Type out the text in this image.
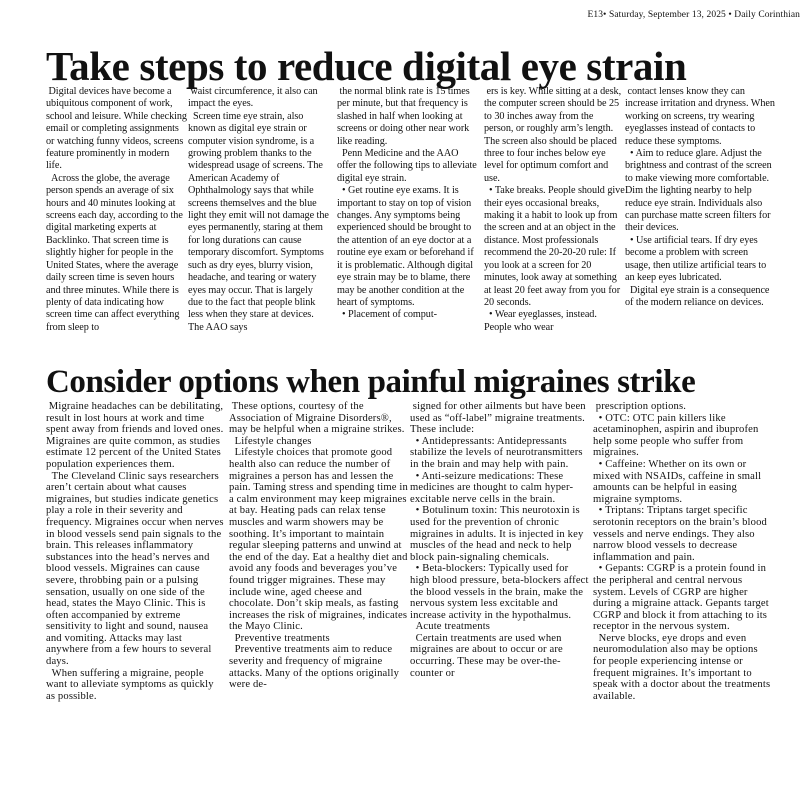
E13• Saturday, September 13, 2025 • Daily Corinthian
Take steps to reduce digital eye strain

Digital devices have become a ubiquitous component of work, school and leisure. While checking email or completing assignments or watching funny videos, screens feature prominently in modern life.
Across the globe, the average person spends an average of six hours and 40 minutes looking at screens each day, according to the digital marketing experts at Backlinko. That screen time is slightly higher for people in the United States, where the average daily screen time is seven hours and three minutes. While there is plenty of data indicating how screen time can affect everything from sleep to

waist circumference, it also can impact the eyes.
Screen time eye strain, also known as digital eye strain or computer vision syndrome, is a growing problem thanks to the widespread usage of screens. The American Academy of Ophthalmology says that while screens themselves and the blue light they emit will not damage the eyes permanently, staring at them for long durations can cause temporary discomfort. Symptoms such as dry eyes, blurry vision, headache, and tearing or watery eyes may occur. That is largely due to the fact that people blink less when they stare at devices. The AAO says

the normal blink rate is 15 times per minute, but that frequency is slashed in half when looking at screens or doing other near work like reading.
Penn Medicine and the AAO offer the following tips to alleviate digital eye strain.
• Get routine eye exams. It is important to stay on top of vision changes. Any symptoms being experienced should be brought to the attention of an eye doctor at a routine eye exam or beforehand if it is problematic. Although digital eye strain may be to blame, there may be another condition at the heart of symptoms.
• Placement of comput-

ers is key. While sitting at a desk, the computer screen should be 25 to 30 inches away from the person, or roughly arm’s length. The screen also should be placed three to four inches below eye level for optimum comfort and use.
• Take breaks. People should give their eyes occasional breaks, making it a habit to look up from the screen and at an object in the distance. Most professionals recommend the 20-20-20 rule: If you look at a screen for 20 minutes, look away at something at least 20 feet away from you for 20 seconds.
• Wear eyeglasses, instead. People who wear

contact lenses know they can increase irritation and dryness. When working on screens, try wearing eyeglasses instead of contacts to reduce these symptoms.
• Aim to reduce glare. Adjust the brightness and contrast of the screen to make viewing more comfortable. Dim the lighting nearby to help reduce eye strain. Individuals also can purchase matte screen filters for their devices.
• Use artificial tears. If dry eyes become a problem with screen usage, then utilize artificial tears to an keep eyes lubricated.
Digital eye strain is a consequence of the modern reliance on devices.

Consider options when painful migraines strike

Migraine headaches can be debilitating, result in lost hours at work and time spent away from friends and loved ones. Migraines are quite common, as studies estimate 12 percent of the United States population experiences them.
The Cleveland Clinic says researchers aren’t certain about what causes migraines, but studies indicate genetics play a role in their severity and frequency. Migraines occur when nerves in blood vessels send pain signals to the brain. This releases inflammatory substances into the head’s nerves and blood vessels. Migraines can cause severe, throbbing pain or a pulsing sensation, usually on one side of the head, states the Mayo Clinic. This is often accompanied by extreme sensitivity to light and sound, nausea and vomiting. Attacks may last anywhere from a few hours to several days.
When suffering a migraine, people want to alleviate symptoms as quickly as possible.

These options, courtesy of the Association of Migraine Disorders®, may be helpful when a migraine strikes.
Lifestyle changes
Lifestyle choices that promote good health also can reduce the number of migraines a person has and lessen the pain. Taming stress and spending time in a calm environment may keep migraines at bay. Heating pads can relax tense muscles and warm showers may be soothing. It’s important to maintain regular sleeping patterns and unwind at the end of the day. Eat a healthy diet and avoid any foods and beverages you’ve found trigger migraines. These may include wine, aged cheese and chocolate. Don’t skip meals, as fasting increases the risk of migraines, indicates the Mayo Clinic.
Preventive treatments
Preventive treatments aim to reduce severity and frequency of migraine attacks. Many of the options originally were de-

signed for other ailments but have been used as “off-label” migraine treatments. These include:
• Antidepressants: Antidepressants stabilize the levels of neurotransmitters in the brain and may help with pain.
• Anti-seizure medications: These medicines are thought to calm hyper-excitable nerve cells in the brain.
• Botulinum toxin: This neurotoxin is used for the prevention of chronic migraines in adults. It is injected in key muscles of the head and neck to help block pain-signaling chemicals.
• Beta-blockers: Typically used for high blood pressure, beta-blockers affect the blood vessels in the brain, make the nervous system less excitable and increase activity in the hypothalmus.
Acute treatments
Certain treatments are used when migraines are about to occur or are occurring. These may be over-the-counter or

prescription options.
• OTC: OTC pain killers like acetaminophen, aspirin and ibuprofen help some people who suffer from migraines.
• Caffeine: Whether on its own or mixed with NSAIDs, caffeine in small amounts can be helpful in easing migraine symptoms.
• Triptans: Triptans target specific serotonin receptors on the brain’s blood vessels and nerve endings. They also narrow blood vessels to decrease inflammation and pain.
• Gepants: CGRP is a protein found in the peripheral and central nervous system. Levels of CGRP are higher during a migraine attack. Gepants target CGRP and block it from attaching to its receptor in the nervous system.
Nerve blocks, eye drops and even neuromodulation also may be options for people experiencing intense or frequent migraines. It’s important to speak with a doctor about the treatments available.
